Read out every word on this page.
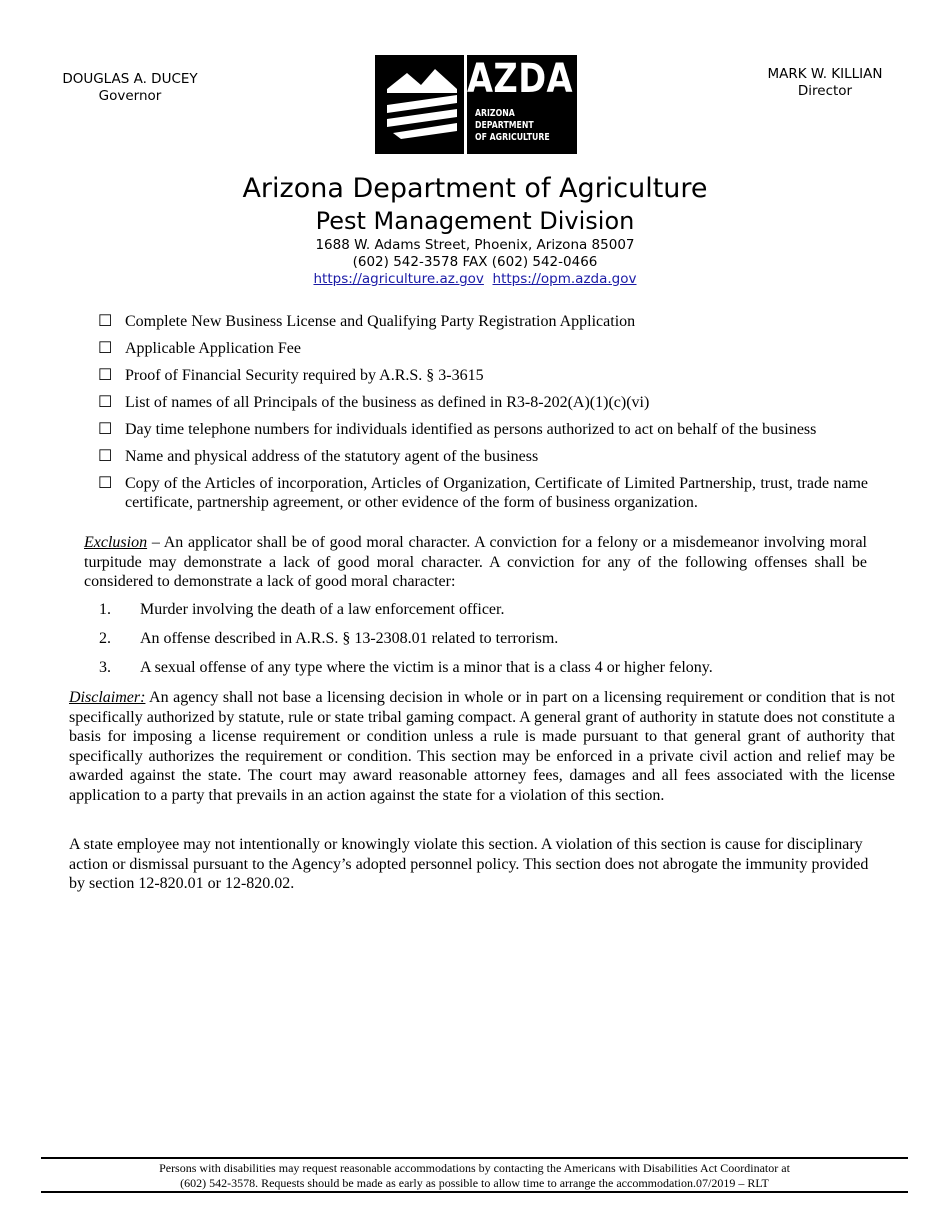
DOUGLAS A. DUCEY
Governor	AZDA
ARIZONA
DEPARTMENT
OF AGRICULTURE
MARK W. KILLIAN
Director
Arizona Department of Agriculture
Pest Management Division
1688 W. Adams Street, Phoenix, Arizona 85007
(602) 542-3578 FAX (602) 542-0466
https://agriculture.az.gov https://opm.azda.gov
☐ Complete New Business License and Qualifying Party Registration Application
☐ Applicable Application Fee
☐ Proof of Financial Security required by A.R.S. § 3-3615
☐ List of names of all Principals of the business as defined in R3-8-202(A)(1)(c)(vi)
☐ Day time telephone numbers for individuals identified as persons authorized to act on behalf of the business
☐ Name and physical address of the statutory agent of the business
☐ Copy of the Articles of incorporation, Articles of Organization, Certificate of Limited Partnership, trust, trade name certificate, partnership agreement, or other evidence of the form of business organization.

Exclusion – An applicator shall be of good moral character. A conviction for a felony or a misdemeanor involving moral turpitude may demonstrate a lack of good moral character. A conviction for any of the following offenses shall be considered to demonstrate a lack of good moral character:

1.	Murder involving the death of a law enforcement officer.
2.	An offense described in A.R.S. § 13-2308.01 related to terrorism.
3.	A sexual offense of any type where the victim is a minor that is a class 4 or higher felony.

Disclaimer: An agency shall not base a licensing decision in whole or in part on a licensing requirement or condition that is not specifically authorized by statute, rule or state tribal gaming compact. A general grant of authority in statute does not constitute a basis for imposing a license requirement or condition unless a rule is made pursuant to that general grant of authority that specifically authorizes the requirement or condition. This section may be enforced in a private civil action and relief may be awarded against the state. The court may award reasonable attorney fees, damages and all fees associated with the license application to a party that prevails in an action against the state for a violation of this section.

A state employee may not intentionally or knowingly violate this section. A violation of this section is cause for disciplinary action or dismissal pursuant to the Agency’s adopted personnel policy. This section does not abrogate the immunity provided by section 12-820.01 or 12-820.02.

Persons with disabilities may request reasonable accommodations by contacting the Americans with Disabilities Act Coordinator at
(602) 542-3578. Requests should be made as early as possible to allow time to arrange the accommodation.07/2019 – RLT
